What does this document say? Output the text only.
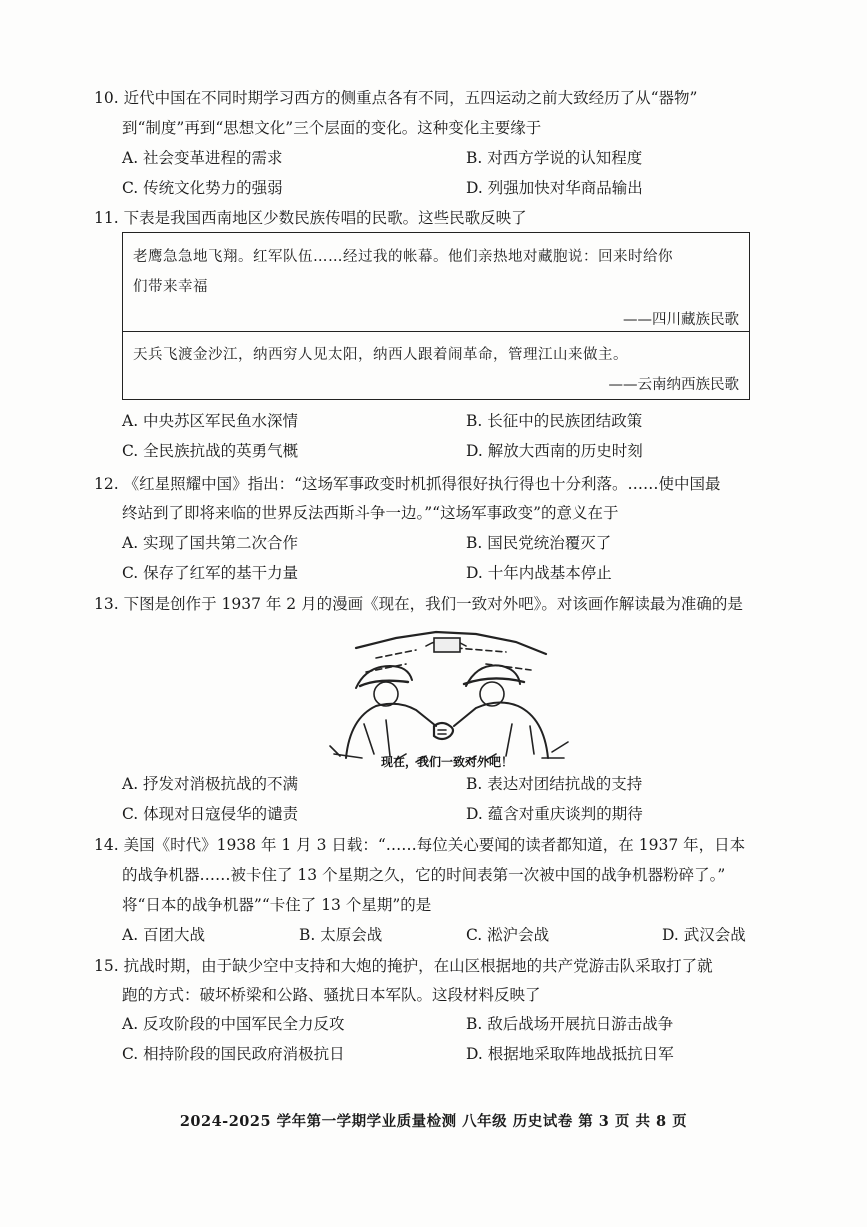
10. 近代中国在不同时期学习西方的侧重点各有不同，五四运动之前大致经历了从“器物”
到“制度”再到“思想文化”三个层面的变化。这种变化主要缘于
A. 社会变革进程的需求	B. 对西方学说的认知程度
C. 传统文化势力的强弱	D. 列强加快对华商品输出
11. 下表是我国西南地区少数民族传唱的民歌。这些民歌反映了
老鹰急急地飞翔。红军队伍……经过我的帐幕。他们亲热地对藏胞说：回来时给你
们带来幸福
——四川藏族民歌
天兵飞渡金沙江，纳西穷人见太阳，纳西人跟着闹革命，管理江山来做主。
——云南纳西族民歌
A. 中央苏区军民鱼水深情	B. 长征中的民族团结政策
C. 全民族抗战的英勇气概	D. 解放大西南的历史时刻
12. 《红星照耀中国》指出：“这场军事政变时机抓得很好执行得也十分利落。……使中国最
终站到了即将来临的世界反法西斯斗争一边。”“这场军事政变”的意义在于
A. 实现了国共第二次合作	B. 国民党统治覆灭了
C. 保存了红军的基干力量	D. 十年内战基本停止
13. 下图是创作于 1937 年 2 月的漫画《现在，我们一致对外吧》。对该画作解读最为准确的是
现在，我们一致对外吧！
A. 抒发对消极抗战的不满	B. 表达对团结抗战的支持
C. 体现对日寇侵华的谴责	D. 蕴含对重庆谈判的期待
14. 美国《时代》1938 年 1 月 3 日载：“……每位关心要闻的读者都知道，在 1937 年，日本
的战争机器……被卡住了 13 个星期之久，它的时间表第一次被中国的战争机器粉碎了。”
将“日本的战争机器”“卡住了 13 个星期”的是
A. 百团大战	B. 太原会战	C. 淞沪会战	D. 武汉会战
15. 抗战时期，由于缺少空中支持和大炮的掩护，在山区根据地的共产党游击队采取打了就
跑的方式：破坏桥梁和公路、骚扰日本军队。这段材料反映了
A. 反攻阶段的中国军民全力反攻	B. 敌后战场开展抗日游击战争
C. 相持阶段的国民政府消极抗日	D. 根据地采取阵地战抵抗日军
2024-2025 学年第一学期学业质量检测 八年级 历史试卷 第 3 页 共 8 页
